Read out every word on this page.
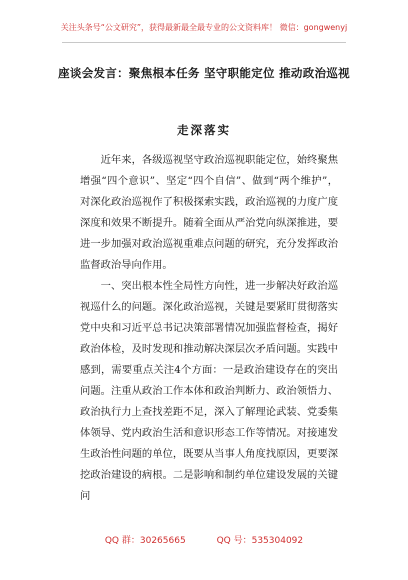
关注头条号“公文研究”，获得最新最全最专业的公文资料库！ 微信：gongwenyj
座谈会发言：聚焦根本任务 坚守职能定位 推动政治巡视
走深落实

近年来，各级巡视坚守政治巡视职能定位，始终聚焦增强“四个意识”、坚定“四个自信”、做到“两个维护”，对深化政治巡视作了积极探索实践，政治巡视的力度广度深度和效果不断提升。随着全面从严治党向纵深推进，要进一步加强对政治巡视重难点问题的研究，充分发挥政治监督政治导向作用。

一、突出根本性全局性方向性，进一步解决好政治巡视巡什么的问题。深化政治巡视，关键是要紧盯贯彻落实党中央和习近平总书记决策部署情况加强监督检查，揭好政治体检，及时发现和推动解决深层次矛盾问题。实践中感到，需要重点关注4个方面：一是政治建设存在的突出问题。注重从政治工作本体和政治判断力、政治领悟力、政治执行力上查找差距不足，深入了解理论武装、党委集体领导、党内政治生活和意识形态工作等情况。对接連发生政治性问题的单位，既要从当事人角度找原因，更要深挖政治建设的病根。二是影响和制约单位建设发展的关键问

QQ 群：30265665	QQ 号：535304092
